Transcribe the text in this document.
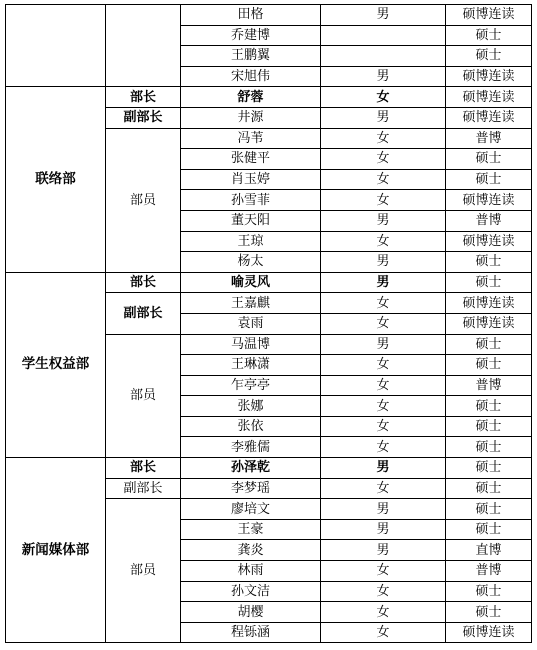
		田格	男	硕博连读
		乔建博		硕士
		王鹏翼		硕士
		宋旭伟	男	硕博连读
联络部	部长	舒蓉	女	硕博连读
	副部长	井源	男	硕博连读
	部员	冯苇	女	普博
		张健平	女	硕士
		肖玉婷	女	硕士
		孙雪菲	女	硕博连读
		董天阳	男	普博
		王琼	女	硕博连读
		杨太	男	硕士
学生权益部	部长	喻灵风	男	硕士
	副部长	王嘉麒	女	硕博连读
		袁雨	女	硕博连读
	部员	马温博	男	硕士
		王琳潇	女	硕士
		乍亭亭	女	普博
		张娜	女	硕士
		张依	女	硕士
		李雅儒	女	硕士
新闻媒体部	部长	孙泽乾	男	硕士
	副部长	李梦瑶	女	硕士
	部员	廖培文	男	硕士
		王豪	男	硕士
		龚炎	男	直博
		林雨	女	普博
		孙文洁	女	硕士
		胡樱	女	硕士
		程铄涵	女	硕博连读
